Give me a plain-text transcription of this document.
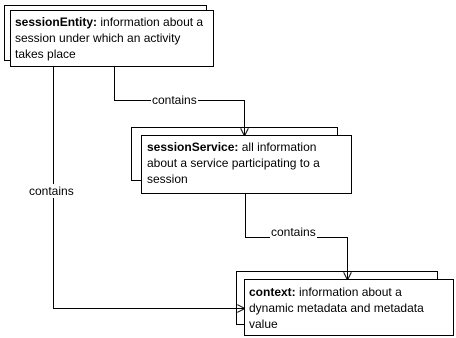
sessionEntity: information about a session under which an activity takes place

sessionService: all information about a service participating to a session

context: information about a dynamic metadata and metadata value

contains
contains
contains
